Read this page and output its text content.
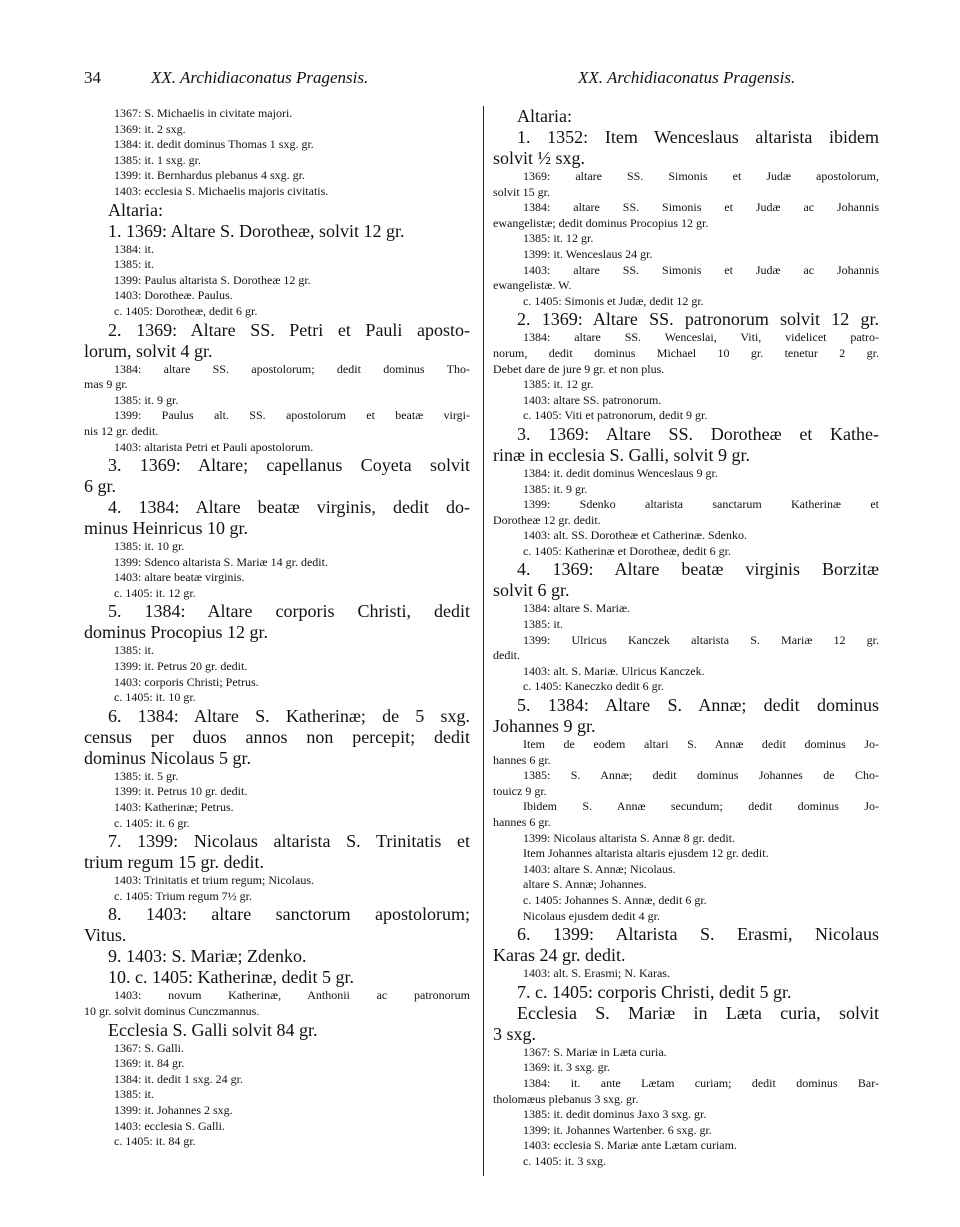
34	XX. Archidiaconatus Pragensis.	XX. Archidiaconatus Pragensis.

1367: S. Michaelis in civitate majori.

1369: it. 2 sxg.

1384: it. dedit dominus Thomas 1 sxg. gr.

1385: it. 1 sxg. gr.

1399: it. Bernhardus plebanus 4 sxg. gr.

1403: ecclesia S. Michaelis majoris civitatis.

Altaria:

1. 1369: Altare S. Dorotheæ, solvit 12 gr.

1384: it.

1385: it.

1399: Paulus altarista S. Dorotheæ 12 gr.

1403: Dorotheæ. Paulus.

c. 1405: Dorotheæ, dedit 6 gr.

2. 1369: Altare SS. Petri et Pauli aposto-

lorum, solvit 4 gr.

1384: altare SS. apostolorum; dedit dominus Tho-

mas 9 gr.

1385: it. 9 gr.

1399: Paulus alt. SS. apostolorum et beatæ virgi-

nis 12 gr. dedit.

1403: altarista Petri et Pauli apostolorum.

3. 1369: Altare; capellanus Coyeta solvit

6 gr.

4. 1384: Altare beatæ virginis, dedit do-

minus Heinricus 10 gr.

1385: it. 10 gr.

1399: Sdenco altarista S. Mariæ 14 gr. dedit.

1403: altare beatæ virginis.

c. 1405: it. 12 gr.

5. 1384: Altare corporis Christi, dedit

dominus Procopius 12 gr.

1385: it.

1399: it. Petrus 20 gr. dedit.

1403: corporis Christi; Petrus.

c. 1405: it. 10 gr.

6. 1384: Altare S. Katherinæ; de 5 sxg.

census per duos annos non percepit; dedit

dominus Nicolaus 5 gr.

1385: it. 5 gr.

1399: it. Petrus 10 gr. dedit.

1403: Katherinæ; Petrus.

c. 1405: it. 6 gr.

7. 1399: Nicolaus altarista S. Trinitatis et

trium regum 15 gr. dedit.

1403: Trinitatis et trium regum; Nicolaus.

c. 1405: Trium regum 7½ gr.

8. 1403: altare sanctorum apostolorum;

Vitus.

9. 1403: S. Mariæ; Zdenko.

10. c. 1405: Katherinæ, dedit 5 gr.

1403: novum Katherinæ, Anthonii ac patronorum

10 gr. solvit dominus Cunczmannus.

Ecclesia S. Galli solvit 84 gr.

1367: S. Galli.

1369: it. 84 gr.

1384: it. dedit 1 sxg. 24 gr.

1385: it.

1399: it. Johannes 2 sxg.

1403: ecclesia S. Galli.

c. 1405: it. 84 gr.

Altaria:

1. 1352: Item Wenceslaus altarista ibidem

solvit ½ sxg.

1369: altare SS. Simonis et Judæ apostolorum,

solvit 15 gr.

1384: altare SS. Simonis et Judæ ac Johannis

ewangelistæ; dedit dominus Procopius 12 gr.

1385: it. 12 gr.

1399: it. Wenceslaus 24 gr.

1403: altare SS. Simonis et Judæ ac Johannis

ewangelistæ. W.

c. 1405: Simonis et Judæ, dedit 12 gr.

2. 1369: Altare SS. patronorum solvit 12 gr.

1384: altare SS. Wenceslai, Viti, videlicet patro-

norum, dedit dominus Michael 10 gr. tenetur 2 gr.

Debet dare de jure 9 gr. et non plus.

1385: it. 12 gr.

1403: altare SS. patronorum.

c. 1405: Viti et patronorum, dedit 9 gr.

3. 1369: Altare SS. Dorotheæ et Kathe-

rinæ in ecclesia S. Galli, solvit 9 gr.

1384: it. dedit dominus Wenceslaus 9 gr.

1385: it. 9 gr.

1399: Sdenko altarista sanctarum Katherinæ et

Dorotheæ 12 gr. dedit.

1403: alt. SS. Dorotheæ et Catherinæ. Sdenko.

c. 1405: Katherinæ et Dorotheæ, dedit 6 gr.

4. 1369: Altare beatæ virginis Borzitæ

solvit 6 gr.

1384: altare S. Mariæ.

1385: it.

1399: Ulricus Kanczek altarista S. Mariæ 12 gr.

dedit.

1403: alt. S. Mariæ. Ulricus Kanczek.

c. 1405: Kaneczko dedit 6 gr.

5. 1384: Altare S. Annæ; dedit dominus

Johannes 9 gr.

Item de eodem altari S. Annæ dedit dominus Jo-

hannes 6 gr.

1385: S. Annæ; dedit dominus Johannes de Cho-

touicz 9 gr.

Ibidem S. Annæ secundum; dedit dominus Jo-

hannes 6 gr.

1399: Nicolaus altarista S. Annæ 8 gr. dedit.

Item Johannes altarista altaris ejusdem 12 gr. dedit.

1403: altare S. Annæ; Nicolaus.

altare S. Annæ; Johannes.

c. 1405: Johannes S. Annæ, dedit 6 gr.

Nicolaus ejusdem dedit 4 gr.

6. 1399: Altarista S. Erasmi, Nicolaus

Karas 24 gr. dedit.

1403: alt. S. Erasmi; N. Karas.

7. c. 1405: corporis Christi, dedit 5 gr.

Ecclesia S. Mariæ in Læta curia, solvit

3 sxg.

1367: S. Mariæ in Læta curia.

1369: it. 3 sxg. gr.

1384: it. ante Lætam curiam; dedit dominus Bar-

tholomæus plebanus 3 sxg. gr.

1385: it. dedit dominus Jaxo 3 sxg. gr.

1399: it. Johannes Wartenber. 6 sxg. gr.

1403: ecclesia S. Mariæ ante Lætam curiam.

c. 1405: it. 3 sxg.
